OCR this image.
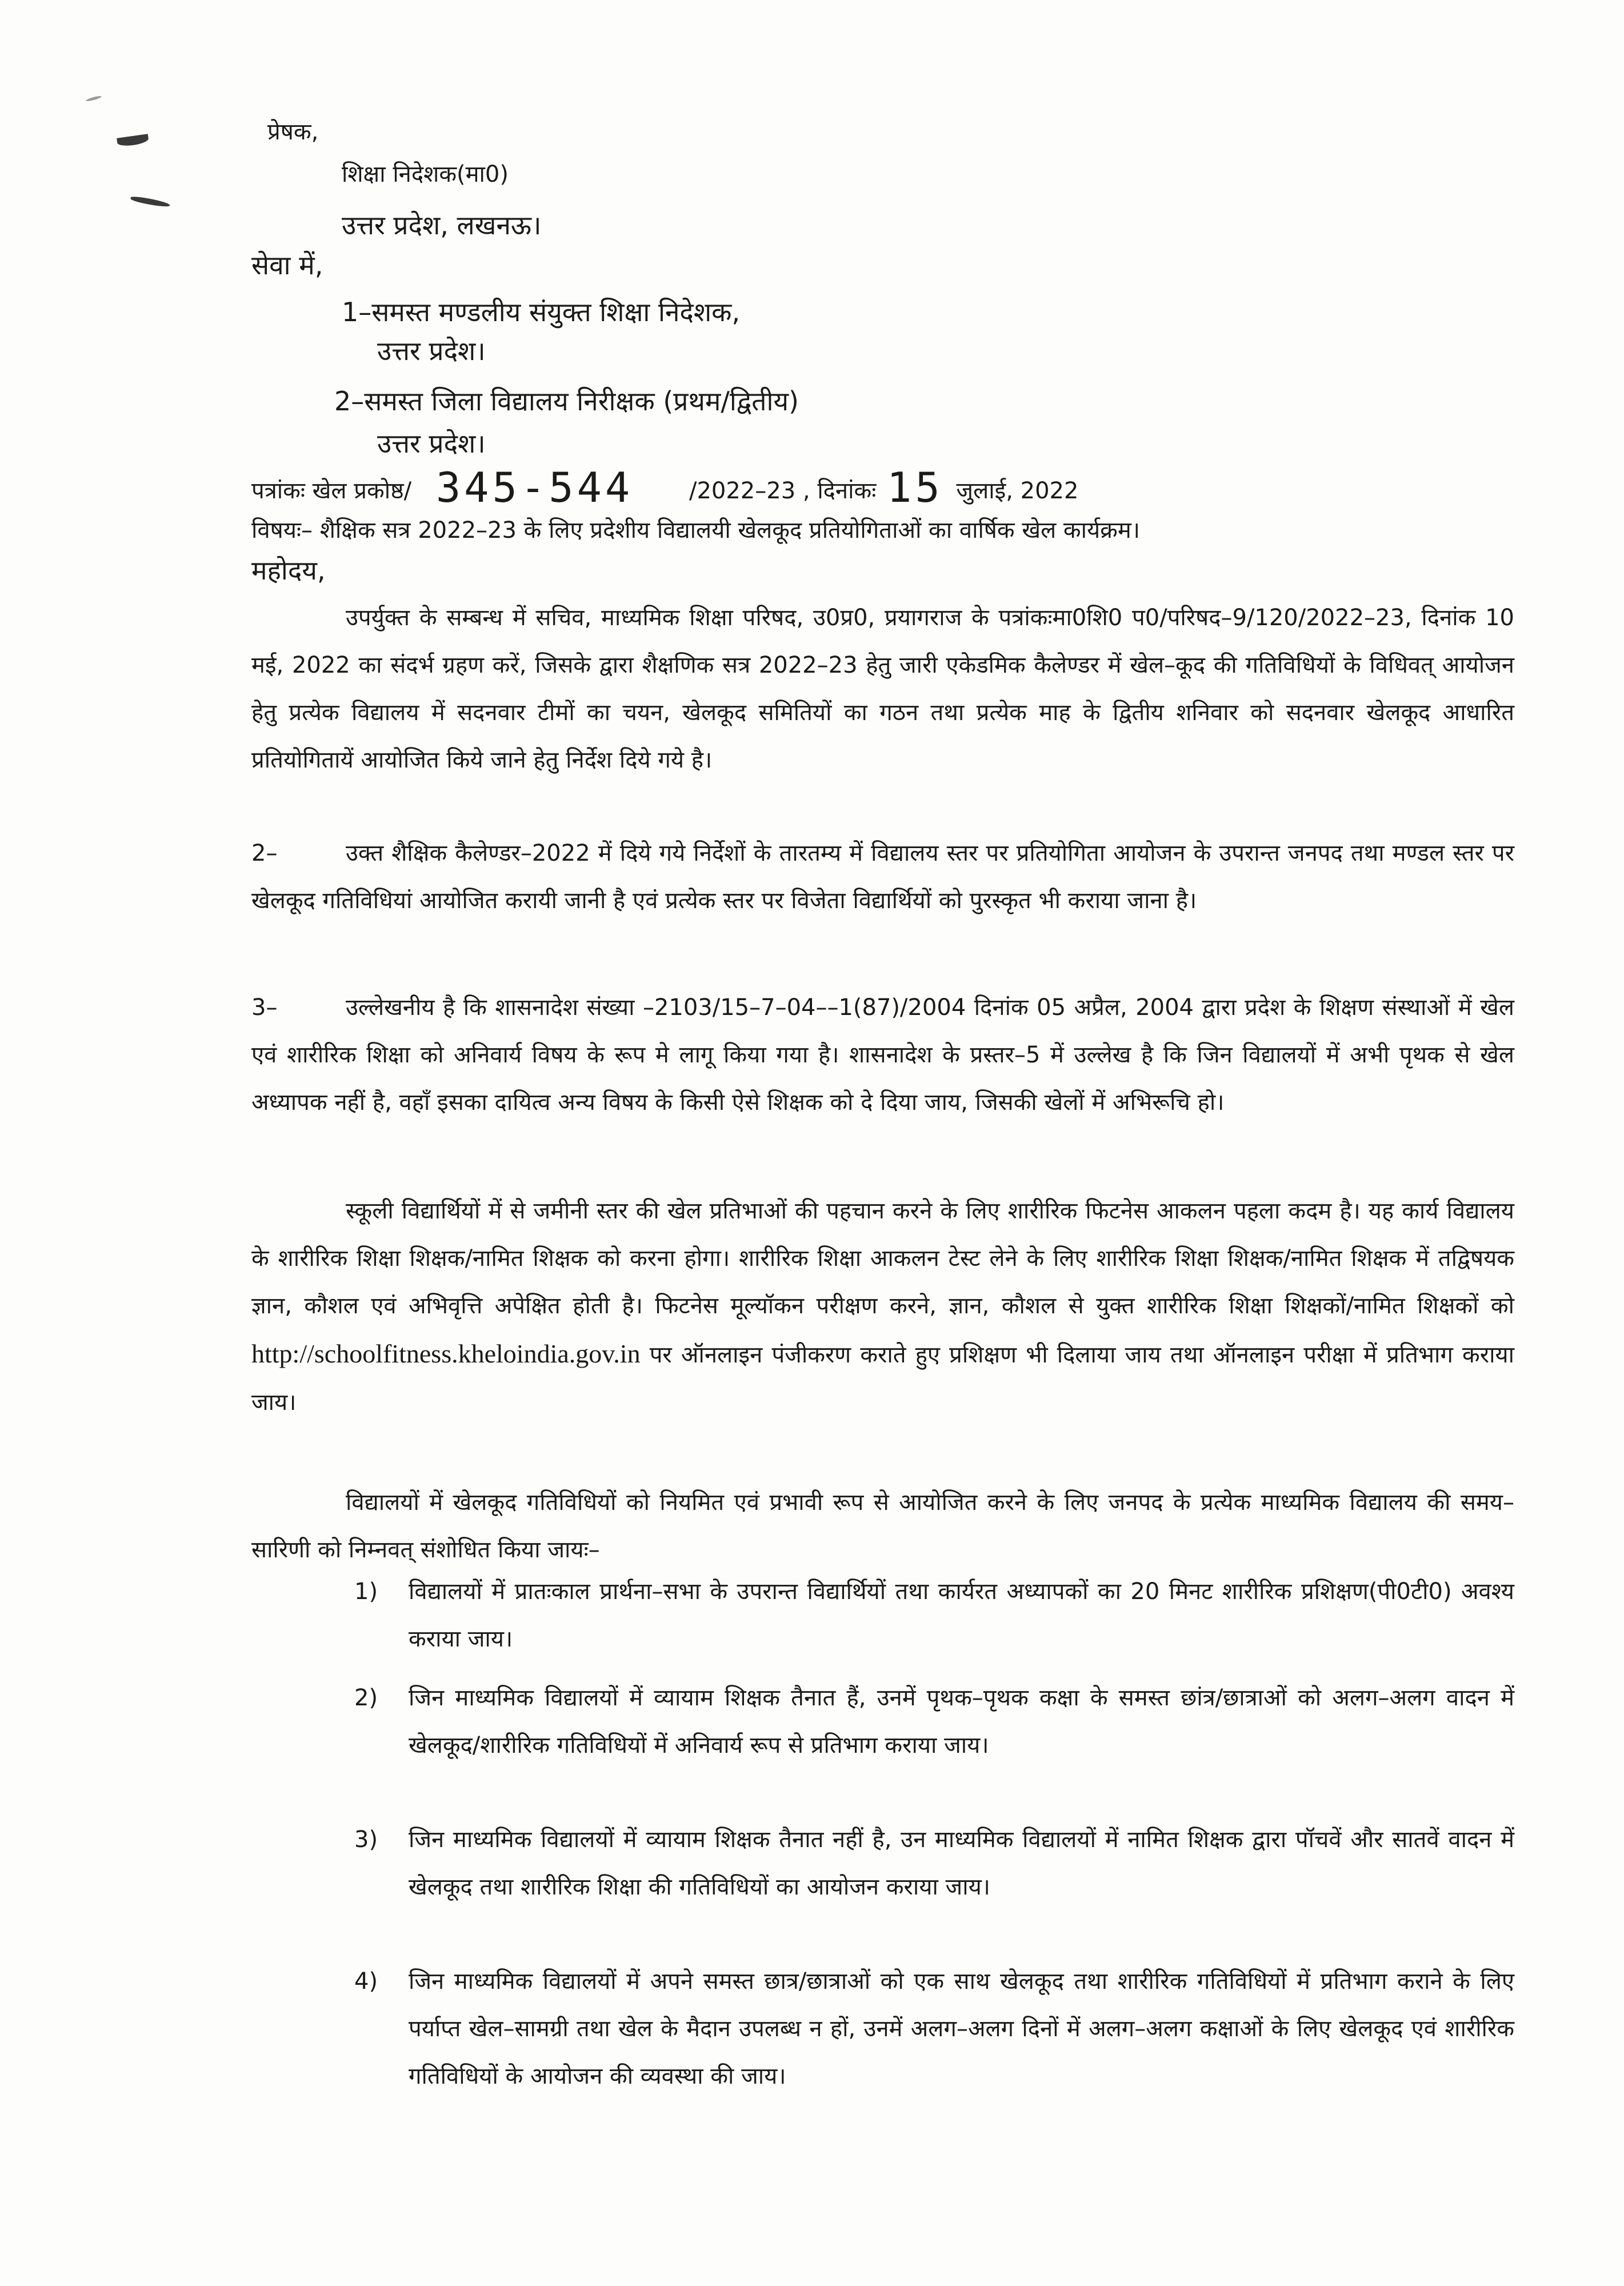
प्रेषक,
शिक्षा निदेशक(मा0)
उत्तर प्रदेश, लखनऊ।
सेवा में,
1–समस्त मण्डलीय संयुक्त शिक्षा निदेशक,
उत्तर प्रदेश।
2–समस्त जिला विद्यालय निरीक्षक (प्रथम/द्वितीय)
उत्तर प्रदेश।
पत्रांकः खेल प्रकोष्ठ/ 345-544 /2022–23 , दिनांकः 15 जुलाई, 2022
विषयः– शैक्षिक सत्र 2022–23 के लिए प्रदेशीय विद्यालयी खेलकूद प्रतियोगिताओं का वार्षिक खेल कार्यक्रम।
महोदय,
उपर्युक्त के सम्बन्ध में सचिव, माध्यमिक शिक्षा परिषद, उ0प्र0, प्रयागराज के पत्रांकःमा0शि0 प0/परिषद–9/120/2022–23, दिनांक 10 मई, 2022 का संदर्भ ग्रहण करें, जिसके द्वारा शैक्षणिक सत्र 2022–23 हेतु जारी एकेडमिक कैलेण्डर में खेल–कूद की गतिविधियों के विधिवत् आयोजन हेतु प्रत्येक विद्यालय में सदनवार टीमों का चयन, खेलकूद समितियों का गठन तथा प्रत्येक माह के द्वितीय शनिवार को सदनवार खेलकूद आधारित प्रतियोगितायें आयोजित किये जाने हेतु निर्देश दिये गये है।
2–	उक्त शैक्षिक कैलेण्डर–2022 में दिये गये निर्देशों के तारतम्य में विद्यालय स्तर पर प्रतियोगिता आयोजन के उपरान्त जनपद तथा मण्डल स्तर पर खेलकूद गतिविधियां आयोजित करायी जानी है एवं प्रत्येक स्तर पर विजेता विद्यार्थियों को पुरस्कृत भी कराया जाना है।
3–	उल्लेखनीय है कि शासनादेश संख्या –2103/15–7–04––1(87)/2004 दिनांक 05 अप्रैल, 2004 द्वारा प्रदेश के शिक्षण संस्थाओं में खेल एवं शारीरिक शिक्षा को अनिवार्य विषय के रूप मे लागू किया गया है। शासनादेश के प्रस्तर–5 में उल्लेख है कि जिन विद्यालयों में अभी पृथक से खेल अध्यापक नहीं है, वहाँ इसका दायित्व अन्य विषय के किसी ऐसे शिक्षक को दे दिया जाय, जिसकी खेलों में अभिरूचि हो।
स्कूली विद्यार्थियों में से जमीनी स्तर की खेल प्रतिभाओं की पहचान करने के लिए शारीरिक फिटनेस आकलन पहला कदम है। यह कार्य विद्यालय के शारीरिक शिक्षा शिक्षक/नामित शिक्षक को करना होगा। शारीरिक शिक्षा आकलन टेस्ट लेने के लिए शारीरिक शिक्षा शिक्षक/नामित शिक्षक में तद्विषयक ज्ञान, कौशल एवं अभिवृत्ति अपेक्षित होती है। फिटनेस मूल्यॉकन परीक्षण करने, ज्ञान, कौशल से युक्त शारीरिक शिक्षा शिक्षकों/नामित शिक्षकों को http://schoolfitness.kheloindia.gov.in पर ऑनलाइन पंजीकरण कराते हुए प्रशिक्षण भी दिलाया जाय तथा ऑनलाइन परीक्षा में प्रतिभाग कराया जाय।
विद्यालयों में खेलकूद गतिविधियों को नियमित एवं प्रभावी रूप से आयोजित करने के लिए जनपद के प्रत्येक माध्यमिक विद्यालय की समय–सारिणी को निम्नवत् संशोधित किया जायः–
1) विद्यालयों में प्रातःकाल प्रार्थना–सभा के उपरान्त विद्यार्थियों तथा कार्यरत अध्यापकों का 20 मिनट शारीरिक प्रशिक्षण(पी0टी0) अवश्य कराया जाय।
2) जिन माध्यमिक विद्यालयों में व्यायाम शिक्षक तैनात हैं, उनमें पृथक–पृथक कक्षा के समस्त छांत्र/छात्राओं को अलग–अलग वादन में खेलकूद/शारीरिक गतिविधियों में अनिवार्य रूप से प्रतिभाग कराया जाय।
3) जिन माध्यमिक विद्यालयों में व्यायाम शिक्षक तैनात नहीं है, उन माध्यमिक विद्यालयों में नामित शिक्षक द्वारा पॉचवें और सातवें वादन में खेलकूद तथा शारीरिक शिक्षा की गतिविधियों का आयोजन कराया जाय।
4) जिन माध्यमिक विद्यालयों में अपने समस्त छात्र/छात्राओं को एक साथ खेलकूद तथा शारीरिक गतिविधियों में प्रतिभाग कराने के लिए पर्याप्त खेल–सामग्री तथा खेल के मैदान उपलब्ध न हों, उनमें अलग–अलग दिनों में अलग–अलग कक्षाओं के लिए खेलकूद एवं शारीरिक गतिविधियों के आयोजन की व्यवस्था की जाय।
